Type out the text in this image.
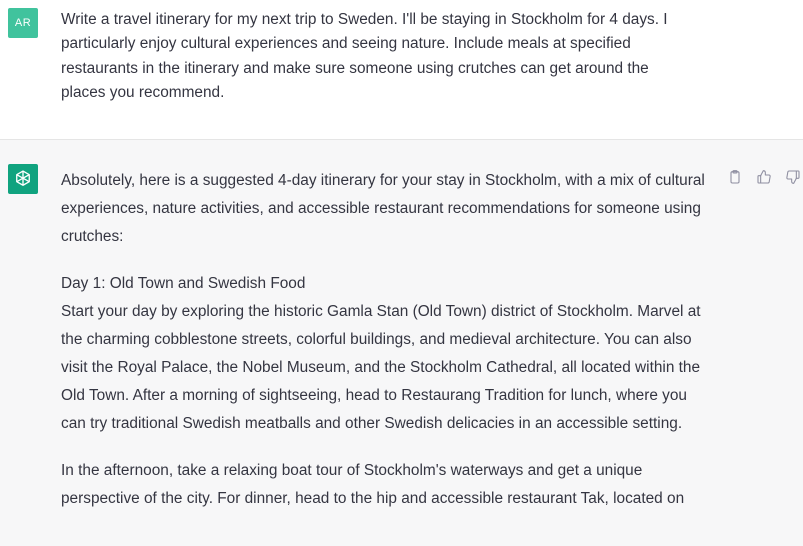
AR Write a travel itinerary for my next trip to Sweden. I'll be staying in Stockholm for 4 days. I
particularly enjoy cultural experiences and seeing nature. Include meals at specified
restaurants in the itinerary and make sure someone using crutches can get around the
places you recommend.

Absolutely, here is a suggested 4-day itinerary for your stay in Stockholm, with a mix of cultural experiences, nature activities, and accessible restaurant recommendations for someone using crutches:

Day 1: Old Town and Swedish Food

Start your day by exploring the historic Gamla Stan (Old Town) district of Stockholm. Marvel at the charming cobblestone streets, colorful buildings, and medieval architecture. You can also visit the Royal Palace, the Nobel Museum, and the Stockholm Cathedral, all located within the Old Town. After a morning of sightseeing, head to Restaurang Tradition for lunch, where you can try traditional Swedish meatballs and other Swedish delicacies in an accessible setting.

In the afternoon, take a relaxing boat tour of Stockholm's waterways and get a unique perspective of the city. For dinner, head to the hip and accessible restaurant Tak, located on
